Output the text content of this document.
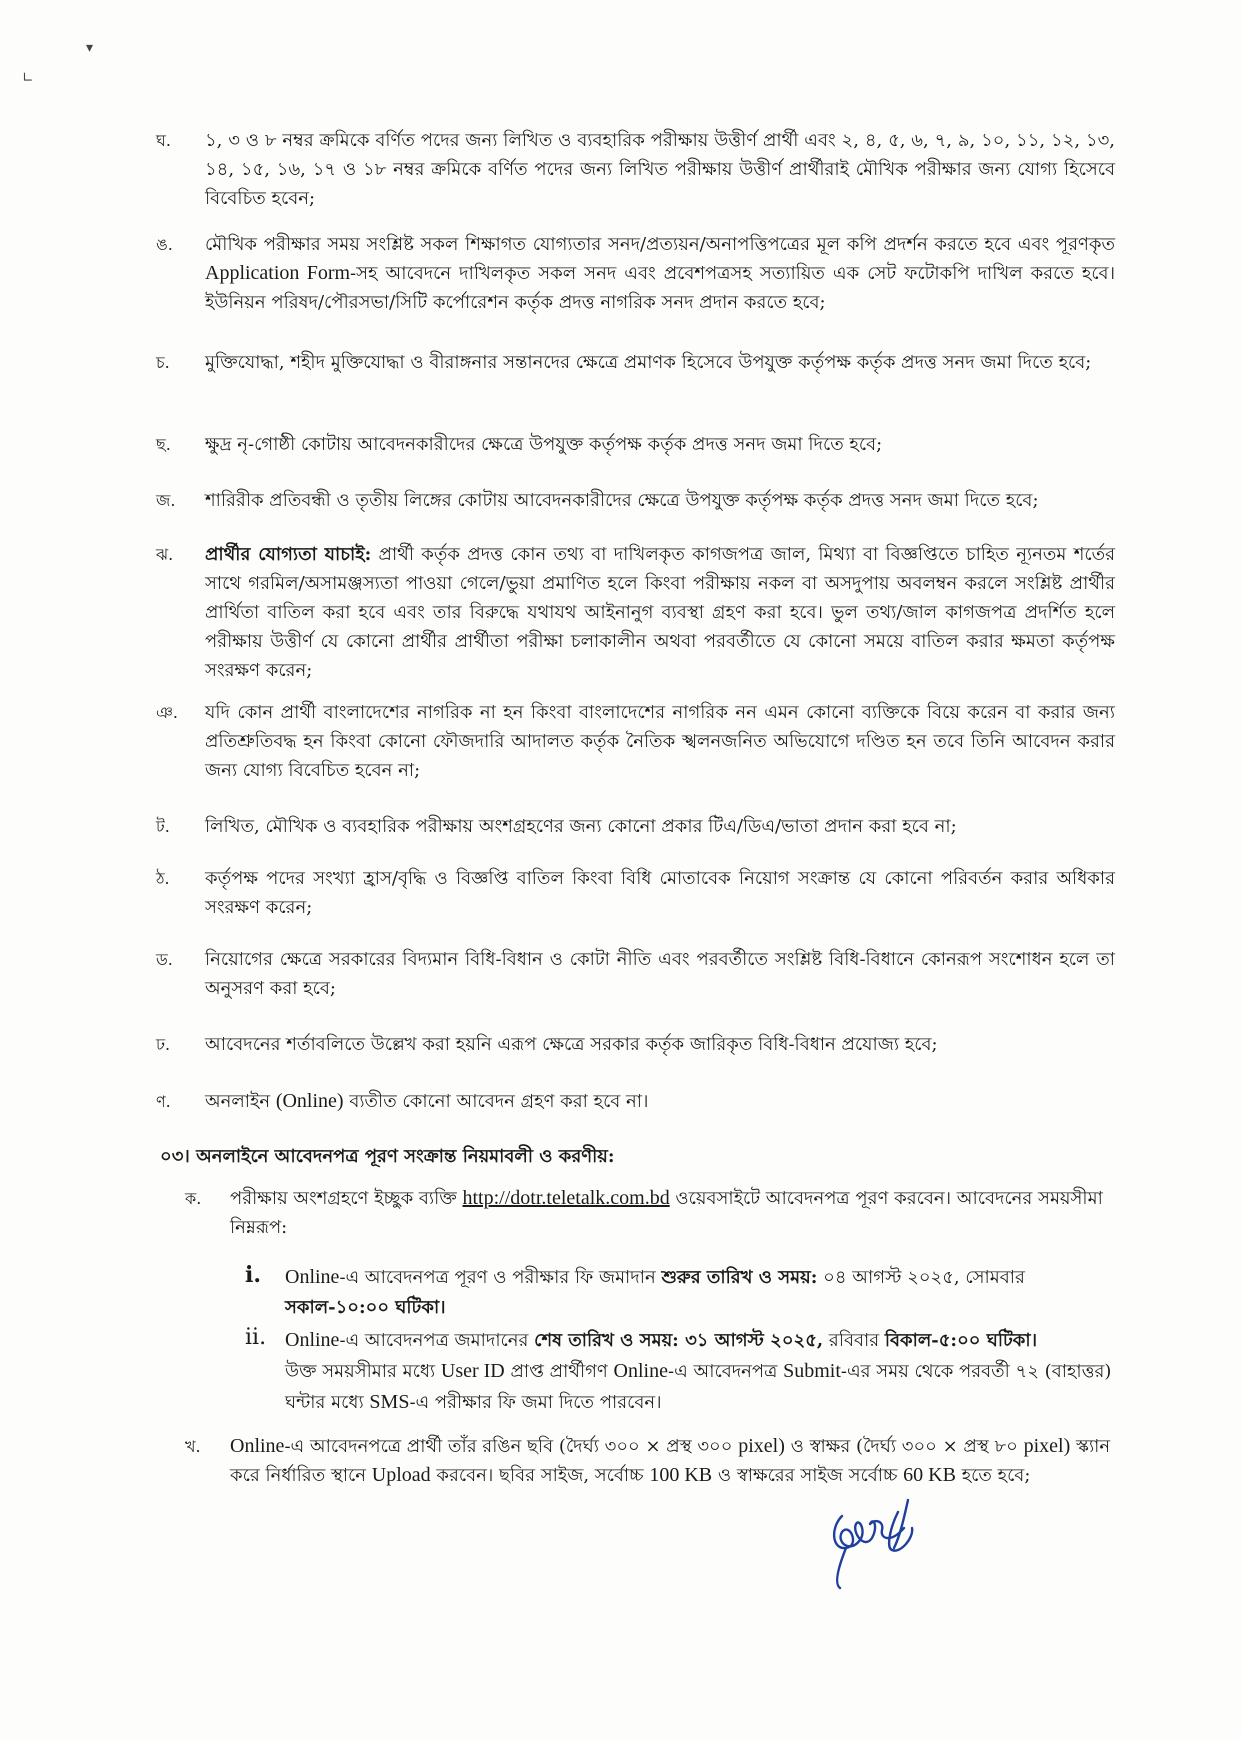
▾
∟
ঘ.	১, ৩ ও ৮ নম্বর ক্রমিকে বর্ণিত পদের জন্য লিখিত ও ব্যবহারিক পরীক্ষায় উত্তীর্ণ প্রার্থী এবং ২, ৪, ৫, ৬, ৭, ৯, ১০, ১১, ১২, ১৩, ১৪, ১৫, ১৬, ১৭ ও ১৮ নম্বর ক্রমিকে বর্ণিত পদের জন্য লিখিত পরীক্ষায় উত্তীর্ণ প্রার্থীরাই মৌখিক পরীক্ষার জন্য যোগ্য হিসেবে বিবেচিত হবেন;
ঙ.	মৌখিক পরীক্ষার সময় সংশ্লিষ্ট সকল শিক্ষাগত যোগ্যতার সনদ/প্রত্যয়ন/অনাপত্তিপত্রের মূল কপি প্রদর্শন করতে হবে এবং পূরণকৃত Application Form-সহ আবেদনে দাখিলকৃত সকল সনদ এবং প্রবেশপত্রসহ সত্যায়িত এক সেট ফটোকপি দাখিল করতে হবে। ইউনিয়ন পরিষদ/পৌরসভা/সিটি কর্পোরেশন কর্তৃক প্রদত্ত নাগরিক সনদ প্রদান করতে হবে;
চ.	মুক্তিযোদ্ধা, শহীদ মুক্তিযোদ্ধা ও বীরাঙ্গনার সন্তানদের ক্ষেত্রে প্রমাণক হিসেবে উপযুক্ত কর্তৃপক্ষ কর্তৃক প্রদত্ত সনদ জমা দিতে হবে;
ছ.	ক্ষুদ্র নৃ-গোষ্ঠী কোটায় আবেদনকারীদের ক্ষেত্রে উপযুক্ত কর্তৃপক্ষ কর্তৃক প্রদত্ত সনদ জমা দিতে হবে;
জ.	শারিরীক প্রতিবন্ধী ও তৃতীয় লিঙ্গের কোটায় আবেদনকারীদের ক্ষেত্রে উপযুক্ত কর্তৃপক্ষ কর্তৃক প্রদত্ত সনদ জমা দিতে হবে;
ঝ.	প্রার্থীর যোগ্যতা যাচাই: প্রার্থী কর্তৃক প্রদত্ত কোন তথ্য বা দাখিলকৃত কাগজপত্র জাল, মিথ্যা বা বিজ্ঞপ্তিতে চাহিত ন্যূনতম শর্তের সাথে গরমিল/অসামঞ্জস্যতা পাওয়া গেলে/ভুয়া প্রমাণিত হলে কিংবা পরীক্ষায় নকল বা অসদুপায় অবলম্বন করলে সংশ্লিষ্ট প্রার্থীর প্রার্থিতা বাতিল করা হবে এবং তার বিরুদ্ধে যথাযথ আইনানুগ ব্যবস্থা গ্রহণ করা হবে। ভুল তথ্য/জাল কাগজপত্র প্রদর্শিত হলে পরীক্ষায় উত্তীর্ণ যে কোনো প্রার্থীর প্রার্থীতা পরীক্ষা চলাকালীন অথবা পরবর্তীতে যে কোনো সময়ে বাতিল করার ক্ষমতা কর্তৃপক্ষ সংরক্ষণ করেন;
ঞ.	যদি কোন প্রার্থী বাংলাদেশের নাগরিক না হন কিংবা বাংলাদেশের নাগরিক নন এমন কোনো ব্যক্তিকে বিয়ে করেন বা করার জন্য প্রতিশ্রুতিবদ্ধ হন কিংবা কোনো ফৌজদারি আদালত কর্তৃক নৈতিক স্খলনজনিত অভিযোগে দণ্ডিত হন তবে তিনি আবেদন করার জন্য যোগ্য বিবেচিত হবেন না;
ট.	লিখিত, মৌখিক ও ব্যবহারিক পরীক্ষায় অংশগ্রহণের জন্য কোনো প্রকার টিএ/ডিএ/ভাতা প্রদান করা হবে না;
ঠ.	কর্তৃপক্ষ পদের সংখ্যা হ্রাস/বৃদ্ধি ও বিজ্ঞপ্তি বাতিল কিংবা বিধি মোতাবেক নিয়োগ সংক্রান্ত যে কোনো পরিবর্তন করার অধিকার সংরক্ষণ করেন;
ড.	নিয়োগের ক্ষেত্রে সরকারের বিদ্যমান বিধি-বিধান ও কোটা নীতি এবং পরবর্তীতে সংশ্লিষ্ট বিধি-বিধানে কোনরূপ সংশোধন হলে তা অনুসরণ করা হবে;
ঢ.	আবেদনের শর্তাবলিতে উল্লেখ করা হয়নি এরূপ ক্ষেত্রে সরকার কর্তৃক জারিকৃত বিধি-বিধান প্রযোজ্য হবে;
ণ.	অনলাইন (Online) ব্যতীত কোনো আবেদন গ্রহণ করা হবে না।
০৩। অনলাইনে আবেদনপত্র পূরণ সংক্রান্ত নিয়মাবলী ও করণীয়:
ক.	পরীক্ষায় অংশগ্রহণে ইচ্ছুক ব্যক্তি http://dotr.teletalk.com.bd ওয়েবসাইটে আবেদনপত্র পূরণ করবেন। আবেদনের সময়সীমা নিম্নরূপ:
i. Online-এ আবেদনপত্র পূরণ ও পরীক্ষার ফি জমাদান শুরুর তারিখ ও সময়: ০৪ আগস্ট ২০২৫, সোমবার সকাল-১০:০০ ঘটিকা।
ii. Online-এ আবেদনপত্র জমাদানের শেষ তারিখ ও সময়: ৩১ আগস্ট ২০২৫, রবিবার বিকাল-৫:০০ ঘটিকা।
উক্ত সময়সীমার মধ্যে User ID প্রাপ্ত প্রার্থীগণ Online-এ আবেদনপত্র Submit-এর সময় থেকে পরবর্তী ৭২ (বাহাত্তর) ঘন্টার মধ্যে SMS-এ পরীক্ষার ফি জমা দিতে পারবেন।
খ.	Online-এ আবেদনপত্রে প্রার্থী তাঁর রঙিন ছবি (দৈর্ঘ্য ৩০০ × প্রস্থ ৩০০ pixel) ও স্বাক্ষর (দৈর্ঘ্য ৩০০ × প্রস্থ ৮০ pixel) স্ক্যান করে নির্ধারিত স্থানে Upload করবেন। ছবির সাইজ, সর্বোচ্চ 100 KB ও স্বাক্ষরের সাইজ সর্বোচ্চ 60 KB হতে হবে;
